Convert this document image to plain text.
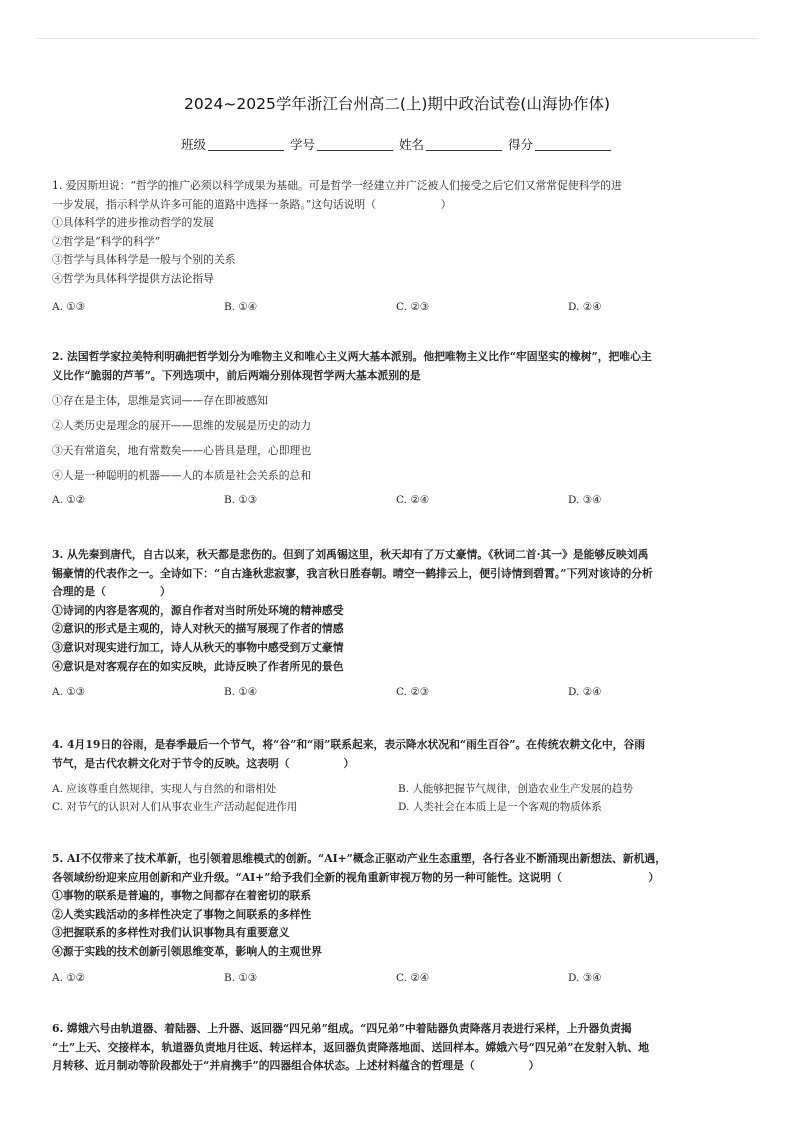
2024~2025学年浙江台州高二(上)期中政治试卷(山海协作体)
班级	学号	姓名	得分
1. 爱因斯坦说：“哲学的推广必须以科学成果为基础。可是哲学一经建立并广泛被人们接受之后它们又常常促使科学的进
一步发展，指示科学从许多可能的道路中选择一条路。”这句话说明（　　　　　　）
①具体科学的进步推动哲学的发展
②哲学是“科学的科学”
③哲学与具体科学是一般与个别的关系
④哲学为具体科学提供方法论指导
A. ①③	B. ①④	C. ②③	D. ②④
2. 法国哲学家拉美特利明确把哲学划分为唯物主义和唯心主义两大基本派别。他把唯物主义比作“牢固坚实的橡树”，把唯心主
义比作“脆弱的芦苇”。下列选项中，前后两端分别体现哲学两大基本派别的是
①存在是主体，思维是宾词——存在即被感知
②人类历史是理念的展开——思维的发展是历史的动力
③天有常道矣，地有常数矣——心皆具是理，心即理也
④人是一种聪明的机器——人的本质是社会关系的总和
A. ①②	B. ①③	C. ②④	D. ③④
3. 从先秦到唐代，自古以来，秋天都是悲伤的。但到了刘禹锡这里，秋天却有了万丈豪情。《秋词二首·其一》是能够反映刘禹
锡豪情的代表作之一。全诗如下：“自古逢秋悲寂寥，我言秋日胜春朝。晴空一鹤排云上，便引诗情到碧霄。”下列对该诗的分析
合理的是（　　　　　）
①诗词的内容是客观的，源自作者对当时所处环境的精神感受
②意识的形式是主观的，诗人对秋天的描写展现了作者的情感
③意识对现实进行加工，诗人从秋天的事物中感受到万丈豪情
④意识是对客观存在的如实反映，此诗反映了作者所见的景色
A. ①③	B. ①④	C. ②③	D. ②④
4. 4月19日的谷雨，是春季最后一个节气，将“谷”和“雨”联系起来，表示降水状况和“雨生百谷”。在传统农耕文化中，谷雨
节气，是古代农耕文化对于节令的反映。这表明（　　　　　）
A. 应该尊重自然规律，实现人与自然的和谐相处	B. 人能够把握节气规律，创造农业生产发展的趋势
C. 对节气的认识对人们从事农业生产活动起促进作用	D. 人类社会在本质上是一个客观的物质体系
5. AI不仅带来了技术革新，也引领着思维模式的创新。“AI+”概念正驱动产业生态重塑，各行各业不断涌现出新想法、新机遇，
各领域纷纷迎来应用创新和产业升级。“AI+”给予我们全新的视角重新审视万物的另一种可能性。这说明（　　　　　　　　）
①事物的联系是普遍的，事物之间都存在着密切的联系
②人类实践活动的多样性决定了事物之间联系的多样性
③把握联系的多样性对我们认识事物具有重要意义
④源于实践的技术创新引领思维变革，影响人的主观世界
A. ①②	B. ①③	C. ②④	D. ③④
6. 嫦娥六号由轨道器、着陆器、上升器、返回器“四兄弟”组成。“四兄弟”中着陆器负责降落月表进行采样，上升器负责揭
“土”上天、交接样本，轨道器负责地月往返、转运样本，返回器负责降落地面、送回样本。嫦娥六号“四兄弟”在发射入轨、地
月转移、近月制动等阶段都处于“并肩携手”的四器组合体状态。上述材料蕴含的哲理是（　　　　　）
